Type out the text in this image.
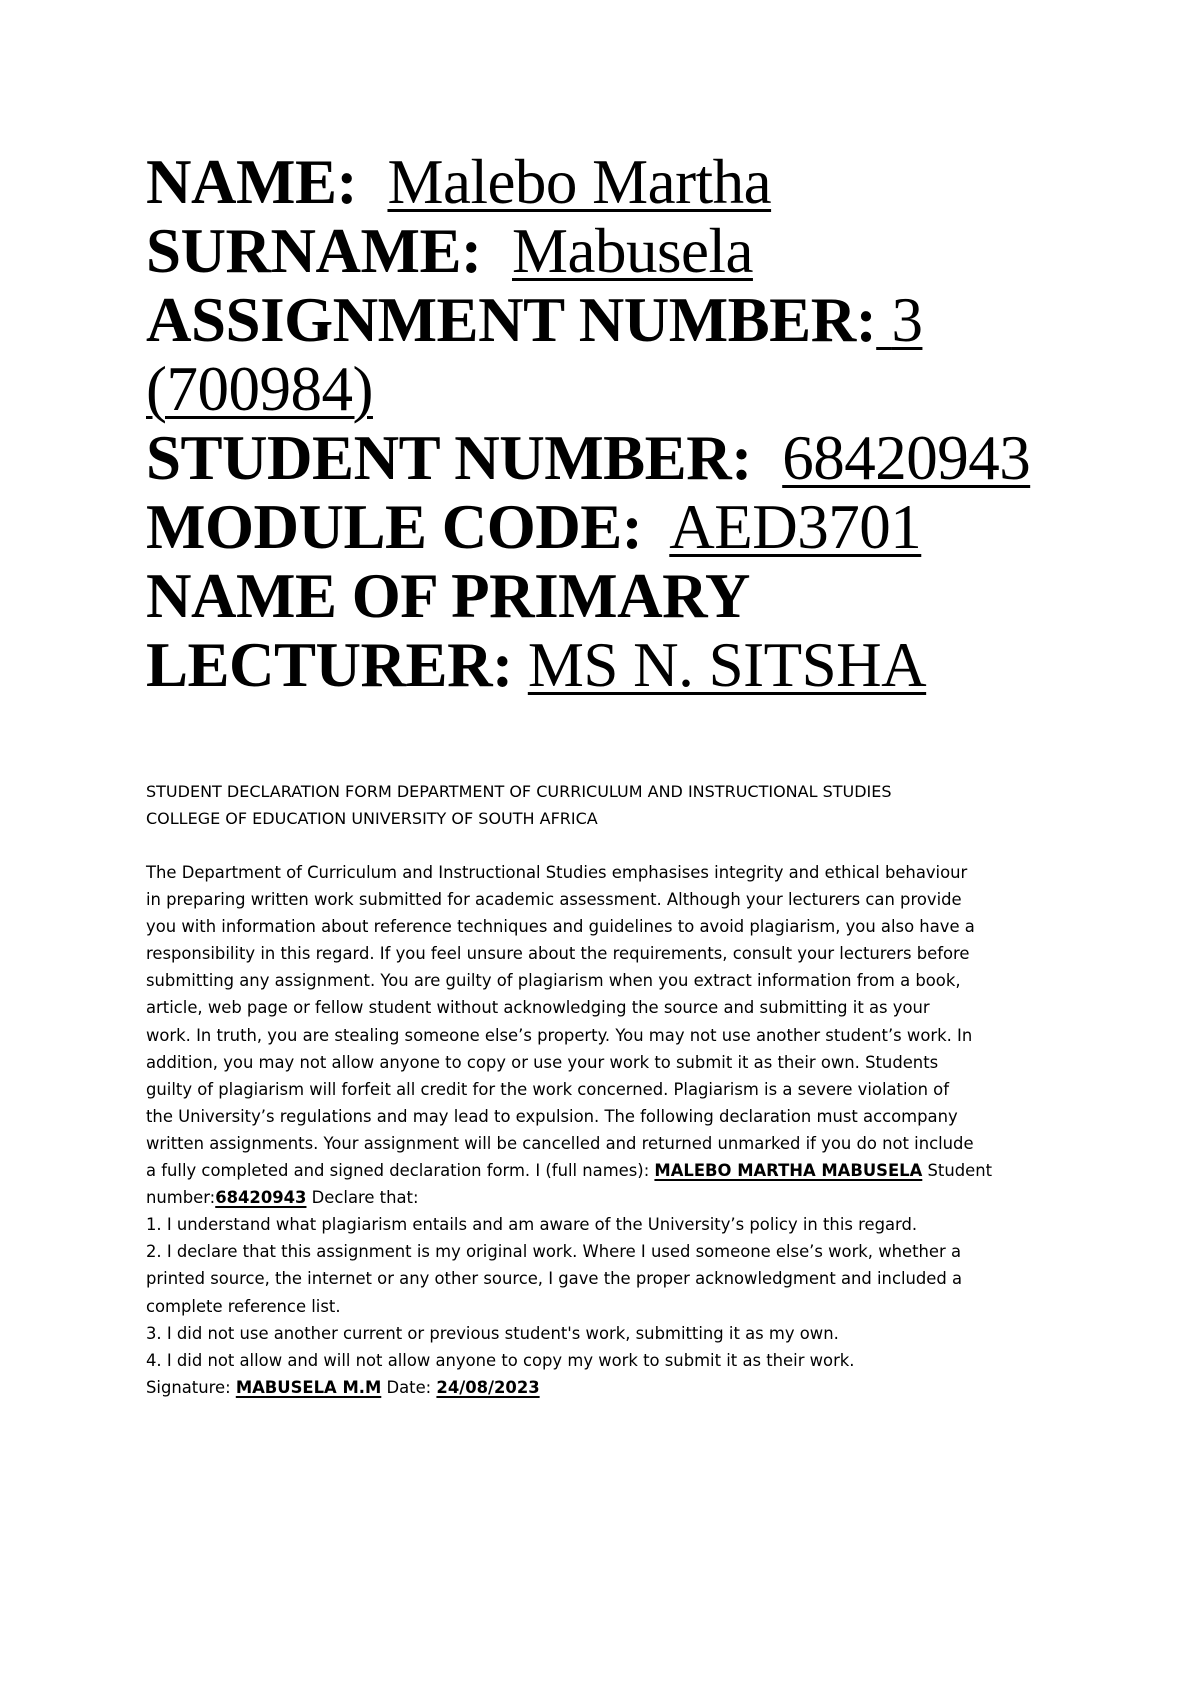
NAME: Malebo Martha
SURNAME: Mabusela
ASSIGNMENT NUMBER: 3
(700984)
STUDENT NUMBER: 68420943
MODULE CODE: AED3701
NAME OF PRIMARY
LECTURER: MS N. SITSHA
STUDENT DECLARATION FORM DEPARTMENT OF CURRICULUM AND INSTRUCTIONAL STUDIES
COLLEGE OF EDUCATION UNIVERSITY OF SOUTH AFRICA
The Department of Curriculum and Instructional Studies emphasises integrity and ethical behaviour
in preparing written work submitted for academic assessment. Although your lecturers can provide
you with information about reference techniques and guidelines to avoid plagiarism, you also have a
responsibility in this regard. If you feel unsure about the requirements, consult your lecturers before
submitting any assignment. You are guilty of plagiarism when you extract information from a book,
article, web page or fellow student without acknowledging the source and submitting it as your
work. In truth, you are stealing someone else’s property. You may not use another student’s work. In
addition, you may not allow anyone to copy or use your work to submit it as their own. Students
guilty of plagiarism will forfeit all credit for the work concerned. Plagiarism is a severe violation of
the University’s regulations and may lead to expulsion. The following declaration must accompany
written assignments. Your assignment will be cancelled and returned unmarked if you do not include
a fully completed and signed declaration form. I (full names): MALEBO MARTHA MABUSELA Student
number:68420943 Declare that:
1. I understand what plagiarism entails and am aware of the University’s policy in this regard.
2. I declare that this assignment is my original work. Where I used someone else’s work, whether a
printed source, the internet or any other source, I gave the proper acknowledgment and included a
complete reference list.
3. I did not use another current or previous student's work, submitting it as my own.
4. I did not allow and will not allow anyone to copy my work to submit it as their work.
Signature: MABUSELA M.M Date: 24/08/2023
